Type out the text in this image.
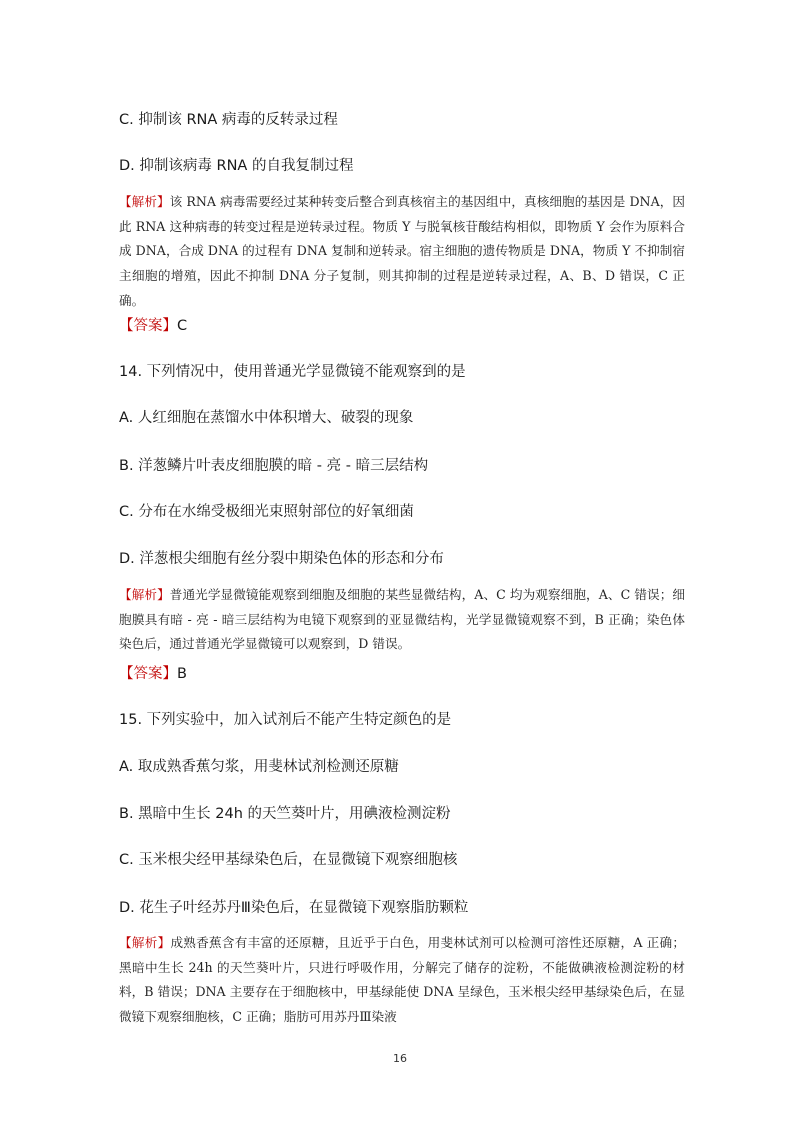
C. 抑制该 RNA 病毒的反转录过程
D. 抑制该病毒 RNA 的自我复制过程
【解析】该 RNA 病毒需要经过某种转变后整合到真核宿主的基因组中，真核细胞的基因是 DNA，因此 RNA 这种病毒的转变过程是逆转录过程。物质 Y 与脱氧核苷酸结构相似，即物质 Y 会作为原料合成 DNA，合成 DNA 的过程有 DNA 复制和逆转录。宿主细胞的遗传物质是 DNA，物质 Y 不抑制宿主细胞的增殖，因此不抑制 DNA 分子复制，则其抑制的过程是逆转录过程，A、B、D 错误，C 正确。
【答案】C
14. 下列情况中，使用普通光学显微镜不能观察到的是
A. 人红细胞在蒸馏水中体积增大、破裂的现象
B. 洋葱鳞片叶表皮细胞膜的暗 - 亮 - 暗三层结构
C. 分布在水绵受极细光束照射部位的好氧细菌
D. 洋葱根尖细胞有丝分裂中期染色体的形态和分布
【解析】普通光学显微镜能观察到细胞及细胞的某些显微结构，A、C 均为观察细胞，A、C 错误；细胞膜具有暗 - 亮 - 暗三层结构为电镜下观察到的亚显微结构，光学显微镜观察不到，B 正确；染色体染色后，通过普通光学显微镜可以观察到，D 错误。
【答案】B
15. 下列实验中，加入试剂后不能产生特定颜色的是
A. 取成熟香蕉匀浆，用斐林试剂检测还原糖
B. 黑暗中生长 24h 的天竺葵叶片，用碘液检测淀粉
C. 玉米根尖经甲基绿染色后，在显微镜下观察细胞核
D. 花生子叶经苏丹Ⅲ染色后，在显微镜下观察脂肪颗粒
【解析】成熟香蕉含有丰富的还原糖，且近乎于白色，用斐林试剂可以检测可溶性还原糖，A 正确；黑暗中生长 24h 的天竺葵叶片，只进行呼吸作用，分解完了储存的淀粉，不能做碘液检测淀粉的材料，B 错误；DNA 主要存在于细胞核中，甲基绿能使 DNA 呈绿色，玉米根尖经甲基绿染色后，在显微镜下观察细胞核，C 正确；脂肪可用苏丹Ⅲ染液
16
